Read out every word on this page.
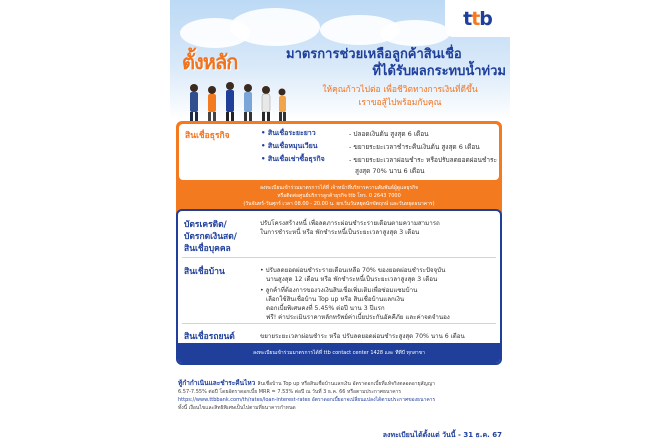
ttb
ตั้งหลัก	มาตรการช่วยเหลือลูกค้าสินเชื่อ
ที่ได้รับผลกระทบน้ำท่วม
ให้คุณก้าวไปต่อ เพื่อชีวิตทางการเงินที่ดีขึ้น
เราขอสู้ไปพร้อมกับคุณ
สินเชื่อธุรกิจ	• สินเชื่อระยะยาว	- ปลอดเงินต้น สูงสุด 6 เดือน
• สินเชื่อหมุนเวียน	- ขยายระยะเวลาชำระคืนเงินต้น สูงสุด 6 เดือน
• สินเชื่อเช่าซื้อธุรกิจ	- ขยายระยะเวลาผ่อนชำระ หรือปรับลดยอดผ่อนชำระ
สูงสุด 70% นาน 6 เดือน
ลงทะเบียนเข้าร่วมมาตรการได้ที่ เจ้าหน้าที่บริหารความสัมพันธ์ผู้ดูแลธุรกิจ
หรือติดต่อศูนย์บริการลูกค้าธุรกิจ ttb โทร. 0 2643 7000
(วันจันทร์-วันศุกร์ เวลา 08.00 - 20.00 น. ยกเว้นวันหยุดนักขัตฤกษ์ และวันหยุดธนาคาร)
บัตรเครดิต/
บัตรกดเงินสด/
สินเชื่อบุคคล
ปรับโครงสร้างหนี้ เพื่อลดภาระผ่อนชำระรายเดือนตามความสามารถ
ในการชำระหนี้ หรือ พักชำระหนี้เป็นระยะเวลาสูงสุด 3 เดือน
สินเชื่อบ้าน	• ปรับลดยอดผ่อนชำระรายเดือนเหลือ 70% ของยอดผ่อนชำระปัจจุบัน
นานสูงสุด 12 เดือน หรือ พักชำระหนี้เป็นระยะเวลาสูงสุด 3 เดือน
• ลูกค้าที่ต้องการของวงเงินสินเชื่อเพิ่มเติมเพื่อซ่อมแซมบ้าน
เลือกใช้สินเชื่อบ้าน Top up หรือ สินเชื่อบ้านแลกเงิน
ดอกเบี้ยพิเศษคงที่ 5.45% ต่อปี นาน 3 ปีแรก
ฟรี! ค่าประเมินราคาหลักทรัพย์ค่าเบี้ยประกันอัคคีภัย และค่าจดจำนอง
สินเชื่อรถยนต์	ขยายระยะเวลาผ่อนชำระ หรือ ปรับลดยอดผ่อนชำระสูงสุด 70% นาน 6 เดือน
ลงทะเบียนเข้าร่วมมาตรการได้ที่ ttb contact center 1428 และ ทีทีบี ทุกสาขา
ทู้กำกำเนินและชำระคืนไหว สินเชื่อบ้าน Top up หรือสินเชื่อบ้านแลกเงิน อัตราดอกเบี้ยที่แท้จริงตลอดอายุสัญญา
6.57-7.55% ต่อปี โดยอัตราดอกเบี้ย MRR = 7.53% ต่อปี ณ วันที่ 3 ธ.ค. 66 หรือตามประกาศธนาคาร
https://www.ttbbank.com/th/rates/loan-interest-rates อัตราดอกเบี้ยอาจเปลี่ยนแปลงได้ตามประกาศของธนาคาร
ทั้งนี้ เงื่อนไขและสิทธิพิเศษเป็นไปตามที่ธนาคารกำหนด
ลงทะเบียนได้ตั้งแต่ วันนี้ - 31 ธ.ค. 67
